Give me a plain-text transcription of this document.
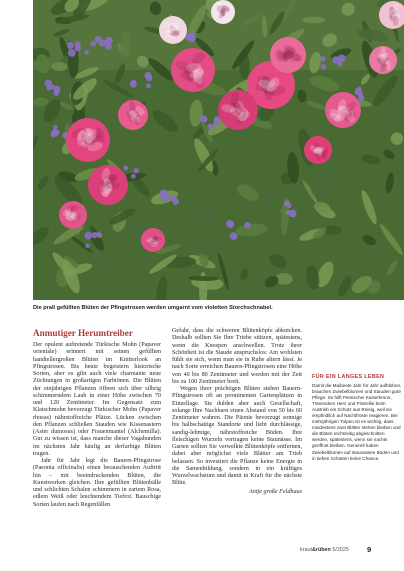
Die prall gefüllten Blüten der Pfingstrosen werden umgarnt vom violetten Storchschnabel.
Anmutiger Herumtreiber

Der opulent auftretende Türkische Mohn (Papaver orientale) erinnert mit seinen gefüllten handtellergroßen Blüten im Knitterlook an Pfingstrosen. Bis heute begeistern historische Sorten, aber es gibt auch viele charmante neue Züchtungen in großartigen Farbtönen. Die Blüten der einjährigen Pflanzen öffnen sich über silbrig schimmerndem Laub in einer Höhe zwischen 70 und 120 Zentimeter. Im Gegensatz zum Klatschmohn bevorzugt Türkischer Mohn (Papaver rhoeas) nährstoffreiche Plätze. Lücken zwischen den Pflanzen schließen Stauden wie Kissenastern (Aster dumosus) oder Frauenmantel (Alchemilla). Gut zu wissen ist, dass manche dieser Vagabunden im nächsten Jahr häufig an derfarbige Blüten tragen.

Jahr für Jahr legt die Bauern-Pfingstrose (Paeonia officinalis) einen berauschenden Auftritt hin – mit beeindruckenden Blüten, die Kunstwerken gleichen. Ihre gefüllten Blütenbälle und schlichten Schalen schimmern in zartem Rosa, edlem Weiß oder leuchtendem Tiefrot. Bauschige Sorten laufen nach Regenfällen

Gefahr, dass die schweren Blütenköpfe abknicken. Deshalb sollten Sie Ihre Triebe stützen, spätestens, wenn die Knospen anschwellen. Trotz ihrer Schönheit ist die Staude anspruchslos: Am wohlsten fühlt sie sich, wenn man sie in Ruhe altern lässt. Je nach Sorte erreichen Bauern-Pfingstrosen eine Höhe von 40 bis 80 Zentimeter und werden mit der Zeit bis zu 100 Zentimeter breit.

Wegen ihrer prächtigen Blüten stehen Bauern-Pfingstrosen oft an prominenten Gartenplätzen in Einzellage. Sie dulden aber auch Gesellschaft, solange Ihre Nachbarn einen Abstand von 50 bis 60 Zentimeter wahren. Die Päonie bevorzugt sonnige bis halbschattige Standorte und liebt durchlässige, sandig-lehmige, nährstoffreiche Böden. Ihre fleischigen Wurzeln vertragen keine Staunässe. Im Garten sollten Sie verwelkte Blütenköpfe entfernen, dabei aber möglichst viele Blätter am Trieb belassen. So investiert die Pflanze keine Energie in die Samenbildung, sondern in ein kräftiges Wurzelwachstum und damit in Kraft für die nächste Blüte.

Antje große Feldhaus
FÜR EIN LANGES LEBEN
Damit die Maibeete Jahr für Jahr aufblühen, brauchen Zwiebelblumen und Stauden gute Pflege. So hilft Persischer Kaiserkrone, Tränendem Herz und Präriellie beim Austrieb ein Schutz aus Reisig, weil sie empfindlich auf Nachtfröste reagieren. Bei mehrjährigen Tulpen ist es wichtig, dass mindestens zwei Blätter stehen bleiben und die Blüten rechtzeitig abgeschnitten werden, spätestens, wenn sie nachts geöffnet bleiben. Generell haben Zwiebelblumen auf staunassen Böden und in tiefem Schatten keine Chance.
kraut&rüben 5/2025 9
